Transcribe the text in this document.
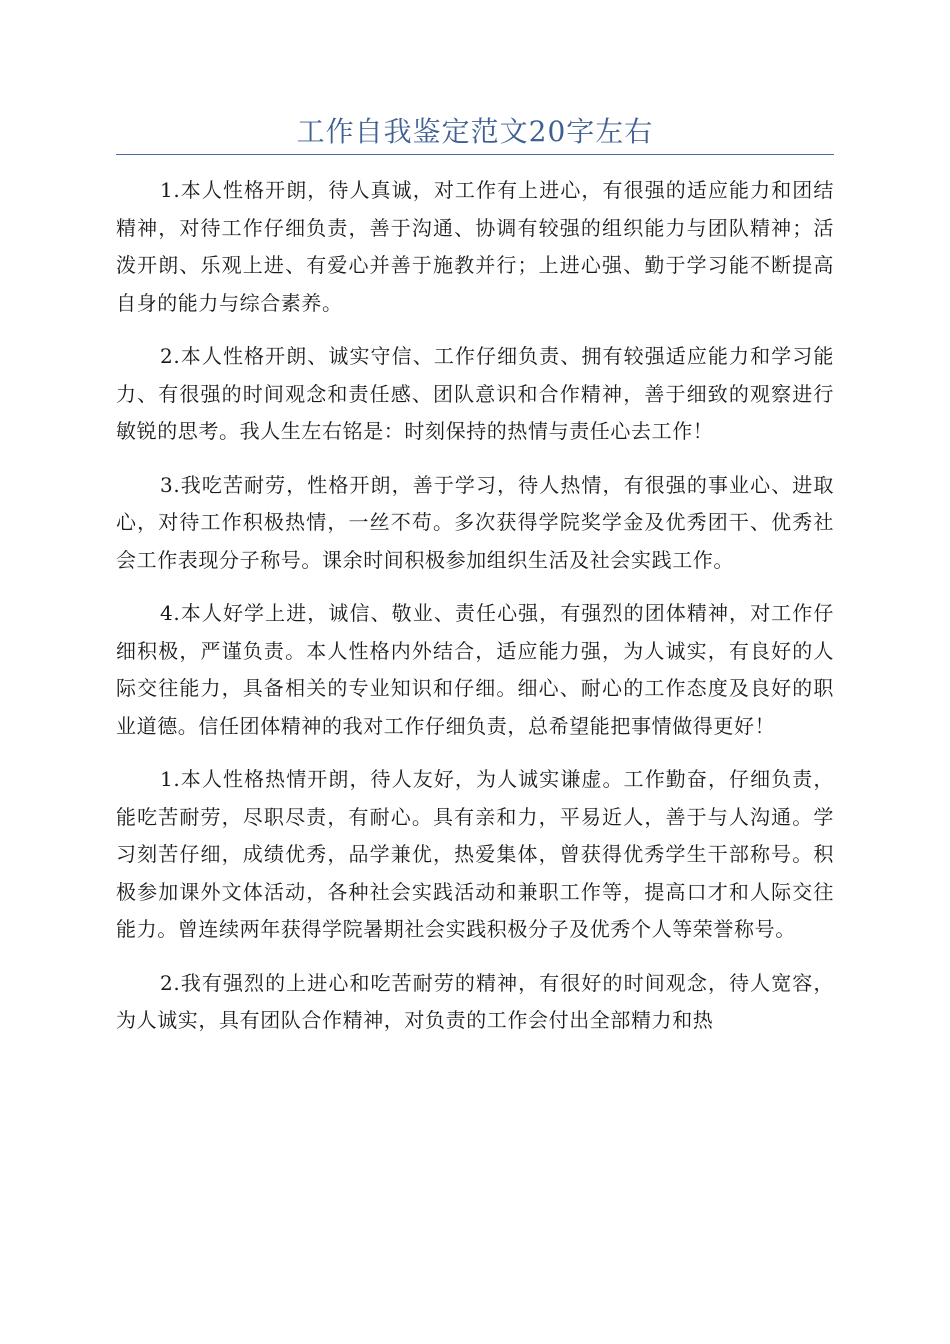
工作自我鉴定范文20字左右

1.本人性格开朗，待人真诚，对工作有上进心，有很强的适应能力和团结精神，对待工作仔细负责，善于沟通、协调有较强的组织能力与团队精神；活泼开朗、乐观上进、有爱心并善于施教并行；上进心强、勤于学习能不断提高自身的能力与综合素养。

2.本人性格开朗、诚实守信、工作仔细负责、拥有较强适应能力和学习能力、有很强的时间观念和责任感、团队意识和合作精神，善于细致的观察进行敏锐的思考。我人生左右铭是：时刻保持的热情与责任心去工作！

3.我吃苦耐劳，性格开朗，善于学习，待人热情，有很强的事业心、进取心，对待工作积极热情，一丝不苟。多次获得学院奖学金及优秀团干、优秀社会工作表现分子称号。课余时间积极参加组织生活及社会实践工作。

4.本人好学上进，诚信、敬业、责任心强，有强烈的团体精神，对工作仔细积极，严谨负责。本人性格内外结合，适应能力强，为人诚实，有良好的人际交往能力，具备相关的专业知识和仔细。细心、耐心的工作态度及良好的职业道德。信任团体精神的我对工作仔细负责，总希望能把事情做得更好！

1.本人性格热情开朗，待人友好，为人诚实谦虚。工作勤奋，仔细负责，能吃苦耐劳，尽职尽责，有耐心。具有亲和力，平易近人，善于与人沟通。学习刻苦仔细，成绩优秀，品学兼优，热爱集体，曾获得优秀学生干部称号。积极参加课外文体活动，各种社会实践活动和兼职工作等，提高口才和人际交往能力。曾连续两年获得学院暑期社会实践积极分子及优秀个人等荣誉称号。

2.我有强烈的上进心和吃苦耐劳的精神，有很好的时间观念，待人宽容，为人诚实，具有团队合作精神，对负责的工作会付出全部精力和热
